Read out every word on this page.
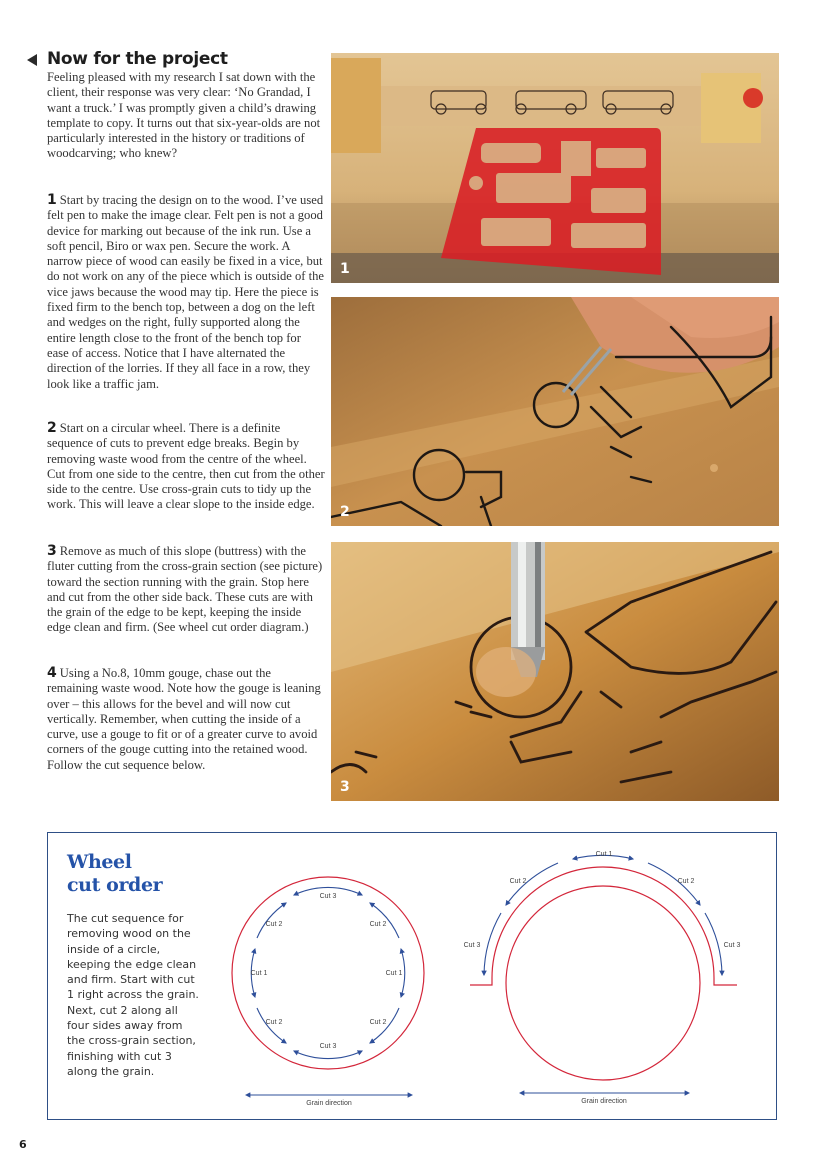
Now for the project

Feeling pleased with my research I sat down with the client, their response was very clear: ‘No Grandad, I want a truck.’ I was promptly given a child’s drawing template to copy. It turns out that six-year-olds are not particularly interested in the history or traditions of woodcarving; who knew?

1 Start by tracing the design on to the wood. I’ve used felt pen to make the image clear. Felt pen is not a good device for marking out because of the ink run. Use a soft pencil, Biro or wax pen. Secure the work. A narrow piece of wood can easily be fixed in a vice, but do not work on any of the piece which is outside of the vice jaws because the wood may tip. Here the piece is fixed firm to the bench top, between a dog on the left and wedges on the right, fully supported along the entire length close to the front of the bench top for ease of access. Notice that I have alternated the direction of the lorries. If they all face in a row, they look like a traffic jam.

2 Start on a circular wheel. There is a definite sequence of cuts to prevent edge breaks. Begin by removing waste wood from the centre of the wheel. Cut from one side to the centre, then cut from the other side to the centre. Use cross-grain cuts to tidy up the work. This will leave a clear slope to the inside edge.

3 Remove as much of this slope (buttress) with the fluter cutting from the cross-grain section (see picture) toward the section running with the grain. Stop here and cut from the other side back. These cuts are with the grain of the edge to be kept, keeping the inside edge clean and firm. (See wheel cut order diagram.)

4 Using a No.8, 10mm gouge, chase out the remaining waste wood. Note how the gouge is leaning over – this allows for the bevel and will now cut vertically. Remember, when cutting the inside of a curve, use a gouge to fit or of a greater curve to avoid corners of the gouge cutting into the retained wood. Follow the cut sequence below.

1
2
3
Wheel
cut order
The cut sequence for removing wood on the inside of a circle, keeping the edge clean and firm. Start with cut 1 right across the grain. Next, cut 2 along all four sides away from the cross-grain section, finishing with cut 3 along the grain.
Cut 3
Cut 3
Cut 1	Cut 1
Cut 2	Cut 2
Cut 2	Cut 2
Grain direction
Cut 1
Cut 2	Cut 2
Cut 3	Cut 3
Grain direction
6
